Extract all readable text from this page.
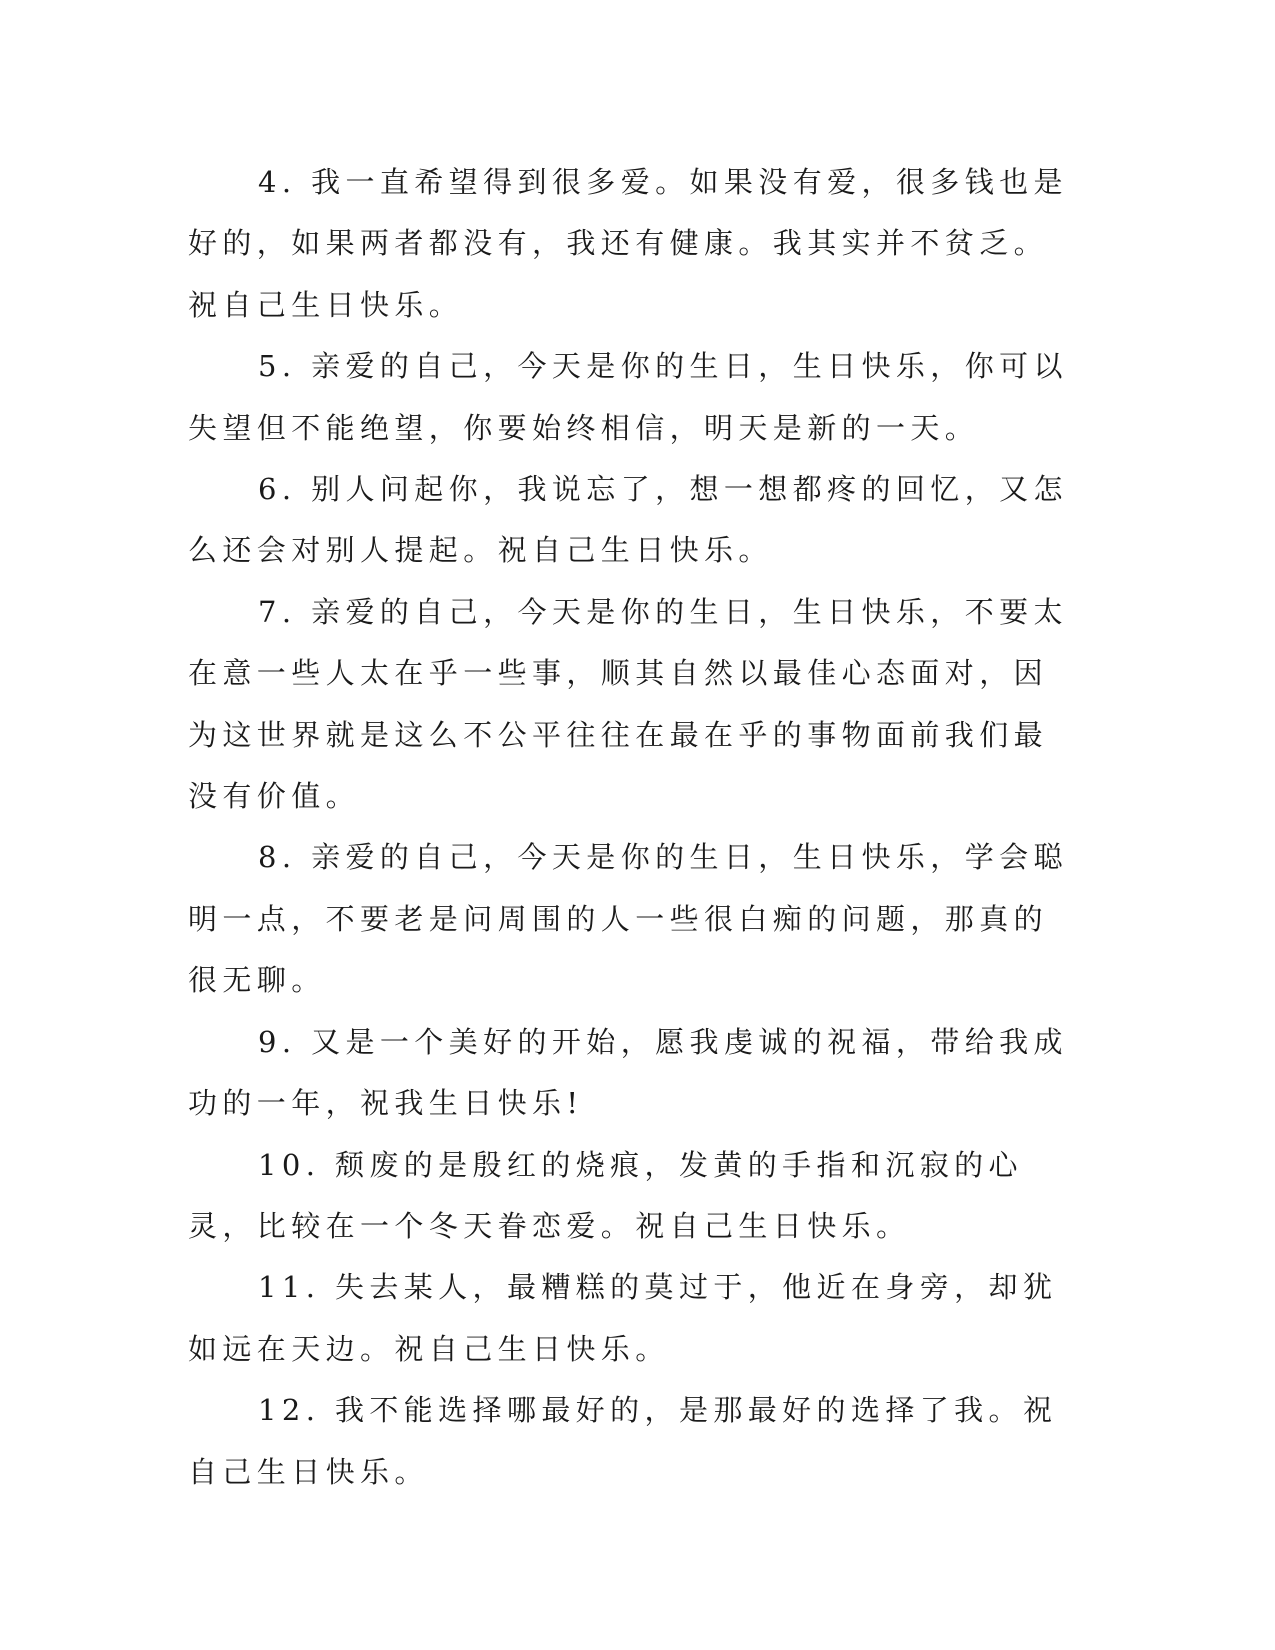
4. 我一直希望得到很多爱。如果没有爱，很多钱也是好的，如果两者都没有，我还有健康。我其实并不贫乏。祝自己生日快乐。

5. 亲爱的自己，今天是你的生日，生日快乐，你可以失望但不能绝望，你要始终相信，明天是新的一天。

6. 别人问起你，我说忘了，想一想都疼的回忆，又怎么还会对别人提起。祝自己生日快乐。

7. 亲爱的自己，今天是你的生日，生日快乐，不要太在意一些人太在乎一些事，顺其自然以最佳心态面对，因为这世界就是这么不公平往往在最在乎的事物面前我们最没有价值。

8. 亲爱的自己，今天是你的生日，生日快乐，学会聪明一点，不要老是问周围的人一些很白痴的问题，那真的很无聊。

9. 又是一个美好的开始，愿我虔诚的祝福，带给我成功的一年，祝我生日快乐!

10. 颓废的是殷红的烧痕，发黄的手指和沉寂的心灵，比较在一个冬天眷恋爱。祝自己生日快乐。

11. 失去某人，最糟糕的莫过于，他近在身旁，却犹如远在天边。祝自己生日快乐。

12. 我不能选择哪最好的，是那最好的选择了我。祝自己生日快乐。
